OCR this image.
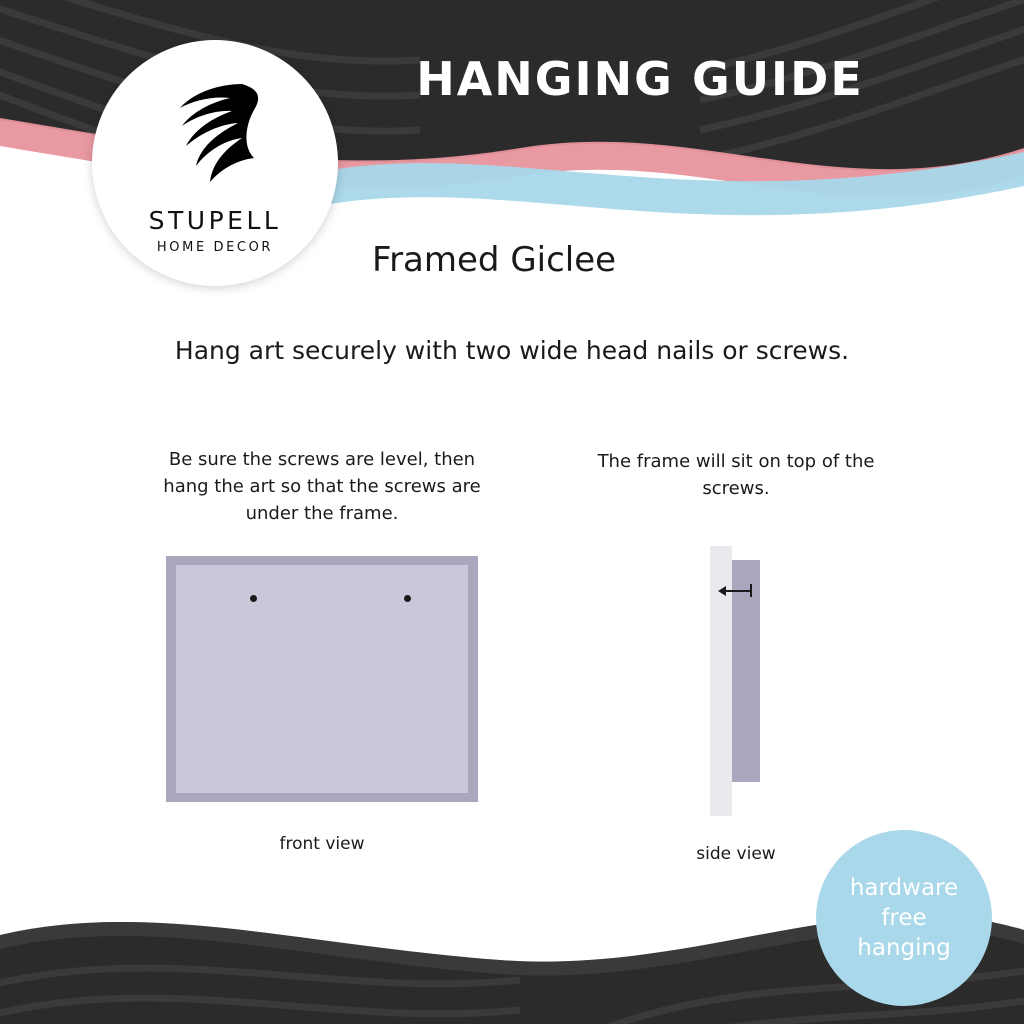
HANGING GUIDE
STUPELL
HOME DECOR	Framed Giclee
Hang art securely with two wide head nails or screws.
Be sure the screws are level, then hang the art so that the screws are under the frame.
front view
The frame will sit on top of the screws.
side view
hardware
free
hanging
